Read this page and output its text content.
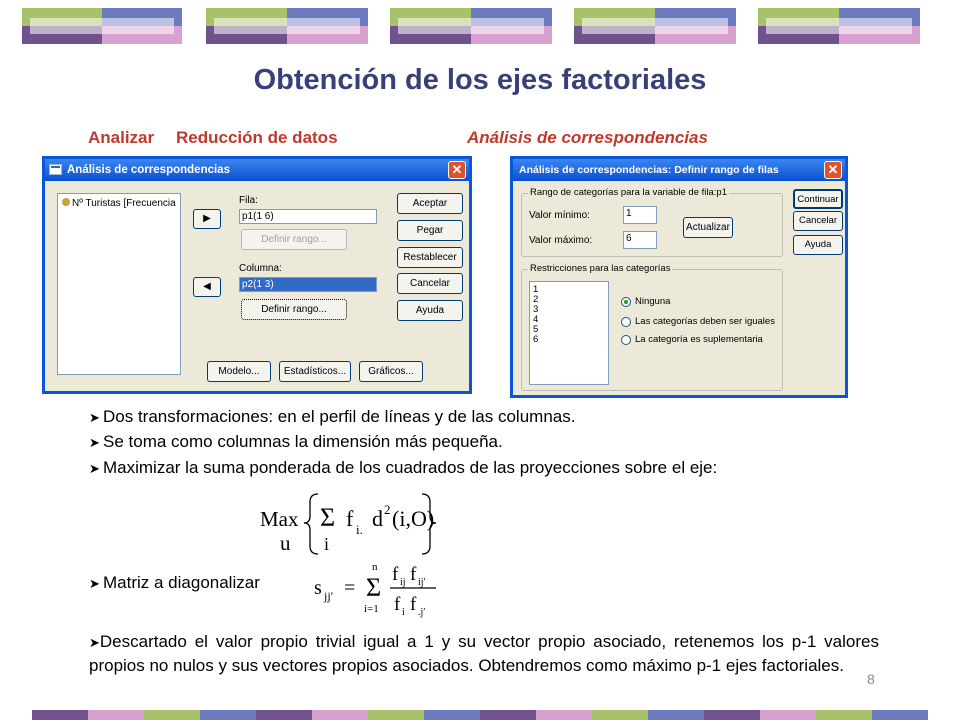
Obtención de los ejes factoriales
Analizar Reducción de datos	Análisis de correspondencias
Análisis de correspondencias	✕
Nº Turistas [Frecuencia
▶
◀
Fila:
p1(1 6)
Definir rango...
Columna:
p2(1 3)
Definir rango...
Aceptar
Pegar
Restablecer
Cancelar
Ayuda
Modelo...	Estadísticos...	Gráficos...
Análisis de correspondencias: Definir rango de filas	✕
Rango de categorías para la variable de fila:p1
Valor mínimo:	1
Valor máximo:	6
Actualizar
Restricciones para las categorías
1
2
3
4
5
6
Ninguna
Las categorías deben ser iguales
La categoría es suplementaria
Continuar
Cancelar
Ayuda
➤ Dos transformaciones: en el perfil de líneas y de las columnas.
➤ Se toma como columnas la dimensión más pequeña.
➤ Maximizar la suma ponderada de los cuadrados de las proyecciones sobre el eje:
Max
u
Σ
i
f i. d 2 (i,O)
➤ Matriz a diagonalizar	s jj′ = Σ
n
i=1
f ij f ij′
f i f .j′
➤Descartado el valor propio trivial igual a 1 y su vector propio asociado, retenemos los p-1 valores propios no nulos y sus vectores propios asociados. Obtendremos como máximo p-1 ejes factoriales.
8
